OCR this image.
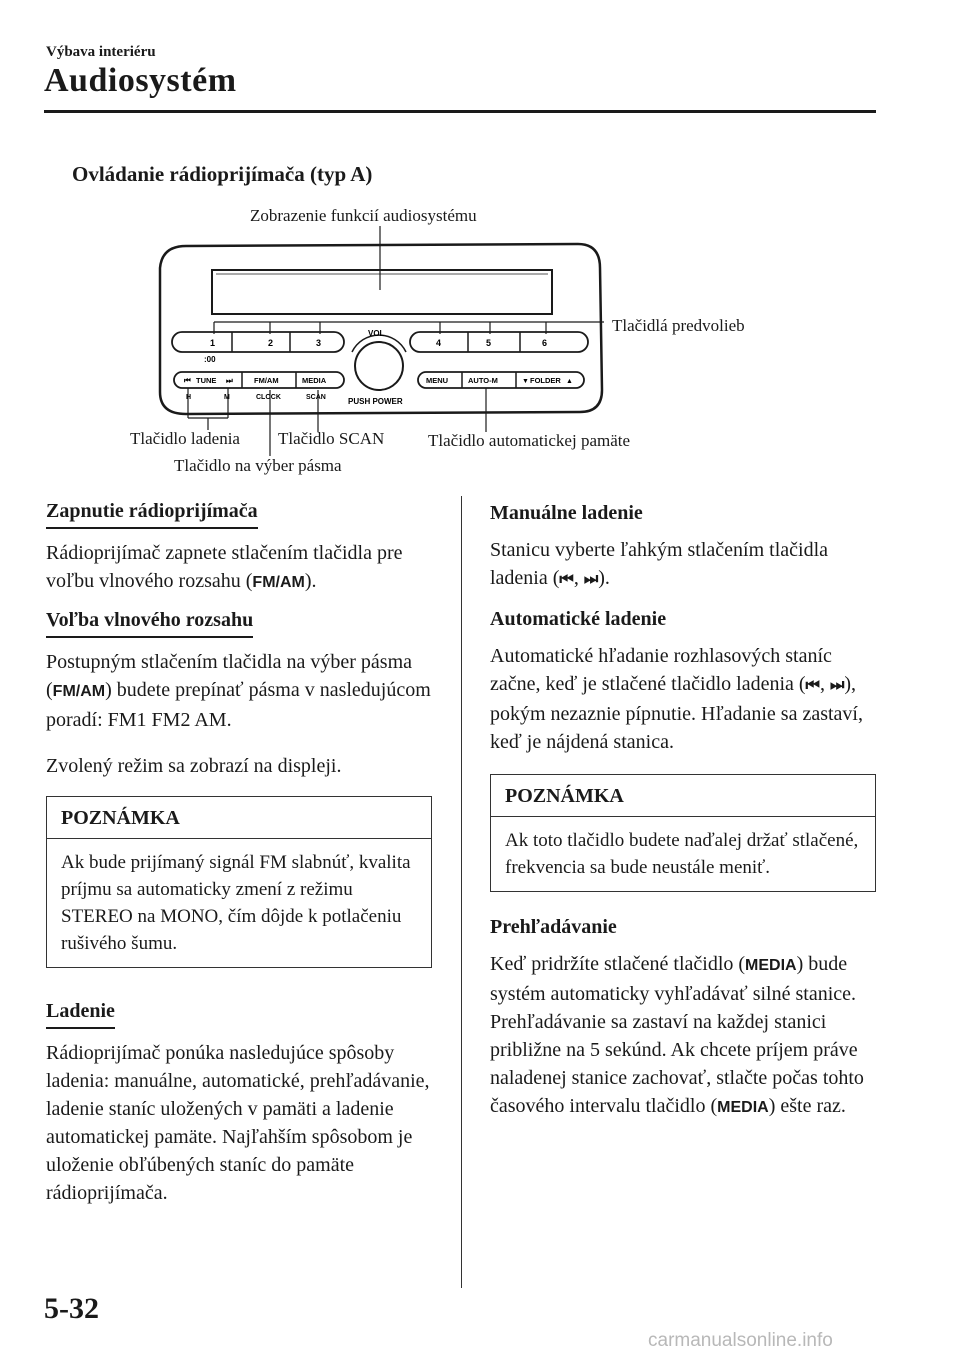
Výbava interiéru
Audiosystém
Ovládanie rádioprijímača (typ A)
Zobrazenie funkcií audiosystému
Tlačidlá predvolieb
Tlačidlo ladenia Tlačidlo SCAN	Tlačidlo automatickej pamäte
Tlačidlo na výber pásma
1	2	3
:00
4	5	6
VOL
PUSH POWER
⏮ TUNE ⏭	FM/AM	MEDIA
H	M	CLOCK	SCAN
MENU	AUTO-M	▼ FOLDER ▲
Zapnutie rádioprijímača

Rádioprijímač zapnete stlačením tlačidla pre voľbu vlnového rozsahu (FM/AM).

Voľba vlnového rozsahu

Postupným stlačením tlačidla na výber pásma (FM/AM) budete prepínať pásma v nasledujúcom poradí: FM1 FM2 AM.

Zvolený režim sa zobrazí na displeji.

POZNÁMKA
Ak bude prijímaný signál FM slabnúť, kvalita príjmu sa automaticky zmení z režimu STEREO na MONO, čím dôjde k potlačeniu rušivého šumu.
Ladenie

Rádioprijímač ponúka nasledujúce spôsoby ladenia: manuálne, automatické, prehľadávanie, ladenie staníc uložených v pamäti a ladenie automatickej pamäte. Najľahším spôsobom je uloženie obľúbených staníc do pamäte rádioprijímača.

Manuálne ladenie

Stanicu vyberte ľahkým stlačením tlačidla ladenia (⏮, ⏭).

Automatické ladenie

Automatické hľadanie rozhlasových staníc začne, keď je stlačené tlačidlo ladenia (⏮, ⏭), pokým nezaznie pípnutie. Hľadanie sa zastaví, keď je nájdená stanica.

POZNÁMKA
Ak toto tlačidlo budete naďalej držať stlačené, frekvencia sa bude neustále meniť.
Prehľadávanie

Keď pridržíte stlačené tlačidlo (MEDIA) bude systém automaticky vyhľadávať silné stanice. Prehľadávanie sa zastaví na každej stanici približne na 5 sekúnd. Ak chcete príjem práve naladenej stanice zachovať, stlačte počas tohto časového intervalu tlačidlo (MEDIA) ešte raz.

5-32
carmanualsonline.info
